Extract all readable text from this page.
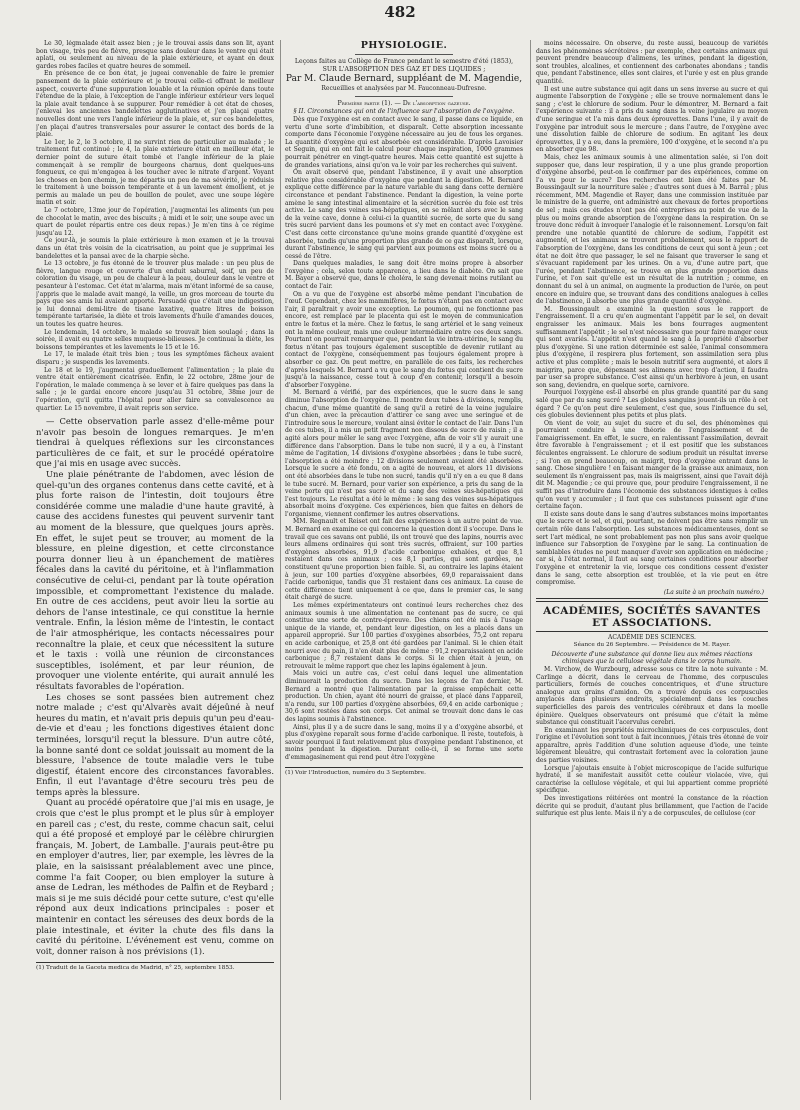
482

Le 30, légmalade était assez bien ; je le trouvai assis dans son lit, ayant bon visage, très peu de fièvre, presque sans douleur dans le ventre qui était aplati, ou seulement au niveau de la plaie extérieure, et ayant en deux gardes robes faciles et quatre heures de sommeil.

En présence de ce bon état, je jugeai convenable de faire le premier pansement de la plaie extérieure et je trouvai celle-ci offrant le meilleur aspect, couverte d'une suppuration louable et la réunion opérée dans toute l'étendue de la plaie, à l'exception de l'angle inférieur extérieur vers lequel la plaie avait tendance à se suppurer. Pour remédier à cet état de choses, j'enlevai les anciennes bandelettes agglutinatives et j'en plaçai quatre nouvelles dont une vers l'angle inférieur de la plaie, et, sur ces bandelettes, j'en plaçai d'autres transversales pour assurer le contact des bords de la plaie.

Le 1er, le 2, le 3 octobre, il ne survint rien de particulier au malade ; le traitement fut continué ; le 4, la plaie extérieure était en meilleur état, le dernier point de suture était tombé et l'angle inférieur de la plaie commençait à se remplir de bourgeons charnus, dont quelques-uns fongueux, ce qui m'engagea à les toucher avec le nitrate d'argent. Voyant les choses en bon chemin, je me départis un peu de ma sévérité, je réduisis le traitement à une boisson tempérante et à un lavement émollient, et je permis au malade un peu de bouillon de poulet, avec une soupe légère matin et soir.

Le 7 octobre, 13me jour de l'opération, j'augmentai les aliments (un peu de chocolat le matin, avec des biscuits ; à midi et le soir, une soupe avec un quart de poulet répartis entre ces deux repas.) Je m'en tins à ce régime jusqu'au 12.

Ce jour-là, je soumis la plaie extérieure à mon examen et je la trouvai dans un état très voisin de la cicatrisation, au point que je supprimai les bandelettes et la pansai avec de la charpie sèche.

Le 13 octobre, je fus étonné de le trouver plus malade : un peu plus de fièvre, langue rouge et couverte d'un enduit saburral, soif, un peu de coloration du visage, un peu de chaleur à la peau, douleur dans le ventre et pesanteur à l'estomac. Cet état m'alarma, mais m'étant informé de sa cause, j'appris que le malade avait mangé, la veille, un gros morceau de tourte du pays que ses amis lui avaient apporté. Persuadé que c'était une indigestion, je lui donnai demi-litre de tisane laxative, quatre litres de boisson tempérante tartarisée, la diète et trois lavements d'huile d'amandes douces, un toutes les quatre heures.

Le lendemain, 14 octobre, le malade se trouvait bien soulagé ; dans la soirée, il avait eu quatre selles muqueuso-bilieuses. Je continuai la diète, les boissons tempérantes et les lavements le 15 et le 16.

Le 17, le malade était très bien ; tous les symptômes fâcheux avaient disparu ; je suspendis les lavements.

Le 18 et le 19, j'augmentai graduellement l'alimentation ; la plaie du ventre était entièrement cicatrisée. Enfin, le 22 octobre, 28me jour de l'opération, le malade commença à se lever et à faire quelques pas dans la salle ; je le gardai encore encore jusqu'au 31 octobre, 38me jour de l'opération, qu'il quitta l'hôpital pour aller faire sa convalescence au quartier. Le 15 novembre, il avait repris son service.

— Cette observation parle assez d'elle-même pour n'avoir pas besoin de longues remarques. Je m'en tiendrai à quelques réflexions sur les circonstances particulières de ce fait, et sur le procédé opératoire que j'ai mis en usage avec succès.

Une plaie pénétrante de l'abdomen, avec lésion de quel-qu'un des organes contenus dans cette cavité, et à plus forte raison de l'intestin, doit toujours être considérée comme une maladie d'une haute gravité, à cause des accidens funestes qui peuvent survenir tant au moment de la blessure, que quelques jours après. En effet, le sujet peut se trouver, au moment de la blessure, en pleine digestion, et cette circonstance pourra donner lieu à un épanchement de matières fécales dans la cavité du péritoine, et à l'inflammation consécutive de celui-ci, pendant par là toute opération impossible, et compromettant l'existence du malade. En outre de ces accidens, peut avoir lieu la sortie au dehors de l'anse intestinale, ce qui constitue la hernie ventrale. Enfin, la lésion même de l'intestin, le contact de l'air atmosphérique, les contacts nécessaires pour reconnaître la plaie, et ceux que nécessitent la suture et le taxis : voilà une réunion de circonstances susceptibles, isolément, et par leur réunion, de provoquer une violente entérite, qui aurait annulé les résultats favorables de l'opération.

Les choses se sont passées bien autrement chez notre malade ; c'est qu'Alvarès avait déjeûné à neuf heures du matin, et n'avait pris depuis qu'un peu d'eau-de-vie et d'eau ; les fonctions digestives étaient donc terminées, lorsqu'il reçut la blessure. D'un autre côté, la bonne santé dont ce soldat jouissait au moment de la blessure, l'absence de toute maladie vers le tube digestif, étaient encore des circonstances favorables. Enfin, il eut l'avantage d'être secouru très peu de temps après la blessure.

Quant au procédé opératoire que j'ai mis en usage, je crois que c'est le plus prompt et le plus sûr à employer en pareil cas ; c'est, du reste, comme chacun sait, celui qui a été proposé et employé par le célèbre chirurgien français, M. Jobert, de Lamballe. J'aurais peut-être pu en employer d'autres, lier, par exemple, les lèvres de la plaie, en la saisissant préalablement avec une pince, comme l'a fait Cooper, ou bien employer la suture à anse de Ledran, les méthodes de Palfin et de Reybard ; mais si je me suis décidé pour cette suture, c'est qu'elle répond aux deux indications principales : poser et maintenir en contact les séreuses des deux bords de la plaie intestinale, et éviter la chute des fils dans la cavité du péritoine. L'événement est venu, comme on voit, donner raison à nos prévisions (1).

(1) Traduit de la Gaceta medica de Madrid, n° 25, septembre 1853.

PHYSIOLOGIE.

Leçons faites au Collège de France pendant le semestre d'été (1853),

SUR L'ABSORPTION DES GAZ ET DES LIQUIDES ;

Par M. Claude Bernard, suppléant de M. Magendie,

Recueillies et analysées par M. Fauconneau-Dufresne.

Première partie (1). — De l'absorption gazeuse.

§ II. Circonstances qui ont de l'influence sur l'absorption de l'oxygène.

Dès que l'oxygène est en contact avec le sang, il passe dans ce liquide, en vertu d'une sorte d'imbibition, et disparaît. Cette absorption incessante comporte dans l'économie l'oxygène nécessaire au jeu de tous les organes. La quantité d'oxygène qui est absorbée est considérable. D'après Lavoisier et Seguin, qui en ont fait le calcul pour chaque inspiration, 1000 grammes pourrait pénétrer en vingt-quatre heures. Mais cette quantité est sujette à de grandes variations, ainsi qu'on va le voir par les recherches qui suivent.

On avait observé que, pendant l'abstinence, il y avait une absorption relative plus considérable d'oxygène que pendant la digestion. M. Bernard explique cette différence par la nature variable du sang dans cette dernière circonstance et pendant l'abstinence. Pendant la digestion, la veine porte amène le sang intestinal alimentaire et la sécrétion sucrée du foie est très active. Le sang des veines sus-hépatiques, en se mêlant alors avec le sang de la veine cave, donne à celui-ci la quantité sucrée, de sorte que du sang très sucré parvient dans les poumons et s'y met en contact avec l'oxygène. C'est dans cette circonstance qu'une moins grande quantité d'oxygène est absorbée, tandis qu'une proportion plus grande de ce gaz disparaît, lorsque, durant l'abstinence, le sang qui parvient aux poumons est moins sucré ou a cessé de l'être.

Dans quelques maladies, le sang doit être moins propre à absorber l'oxygène ; cela, selon toute apparence, a lieu dans le diabète. On sait que M. Bayer a observé que, dans le choléra, le sang devenait moins rutilant au contact de l'air.

On a vu que de l'oxygène est absorbé même pendant l'incubation de l'œuf. Cependant, chez les mammifères, le fœtus n'étant pas en contact avec l'air, il paraîtrait y avoir une exception. Le poumon, qui ne fonctionne pas encore, est remplacé par le placenta qui est le moyen de communication entre le fœtus et la mère. Chez le fœtus, le sang artériel et le sang veineux ont la même couleur, mais une couleur intermédiaire entre ces deux sangs. Pourtant on pourrait remarquer que, pendant la vie intra-utérine, le sang du fœtus n'étant pas toujours également susceptible de devenir rutilant au contact de l'oxygène, conséquemment pas toujours également propre à absorber ce gaz. On peut mettre, en parallèle de ces faits, les recherches d'après lesquels M. Bernard a vu que le sang du fœtus qui contient du sucre jusqu'à la naissance, cesse tout à coup d'en contenir, lorsqu'il a besoin d'absorber l'oxygène.

M. Bernard a vérifié, par des expériences, que le sucre dans le sang diminue l'absorption de l'oxygène. Il montre deux tubes à divisions, remplis, chacun, d'une même quantité de sang qu'il a retiré de la veine jugulaire d'un chien, avec la précaution d'attirer ce sang avec une seringue et de l'introduire sous le mercure, voulant ainsi éviter le contact de l'air. Dans l'un de ces tubes, il a mis un petit fragment non dissous de sucre de raisin ; il a agité alors pour mêler le sang avec l'oxygène, afin de voir s'il y aurait une différence dans l'absorption. Dans le tube non sucré, il y a eu, à l'instant même de l'agitation, 14 divisions d'oxygène absorbées ; dans le tube sucré, l'absorption a été moindre ; 12 divisions seulement avaient été absorbées. Lorsque le sucre a été fondu, on a agité de nouveau, et alors 11 divisions ont été absorbées dans le tube non sucré, tandis qu'il n'y en a eu que 8 dans le tube sucré. M. Bernard, pour varier son expérience, a pris du sang de la veine porte qui n'est pas sucré et du sang des veines sus-hépatiques qui l'est toujours. Le résultat a été le même : le sang des veines sus-hépatiques absorbait moins d'oxygène. Ces expériences, bien que faites en dehors de l'organisme, viennent confirmer les autres observations.

MM. Regnault et Reiset ont fait des expériences à un autre point de vue. M. Bernard en examine ce qui concerne la question dont il s'occupe. Dans le travail que ces savans ont publié, ils ont trouvé que des lapins, nourris avec leurs alimens ordinaires qui sont très sucrés, offraient, sur 100 parties d'oxygènes absorbées, 91,9 d'acide carbonique exhalées, et que 8,1 restaient dans ces animaux ; ces 8,1 parties, qui sont gardées, ne constituent qu'une proportion bien faible. Si, au contraire les lapins étaient à jeun, sur 100 parties d'oxygène absorbées, 69,0 reparaissaient dans l'acide carbonique, tandis que 31 restaient dans ces animaux. La cause de cette différence tient uniquement à ce que, dans le premier cas, le sang était chargé de sucre.

Les mêmes expérimentateurs ont continué leurs recherches chez des animaux soumis à une alimentation ne contenant pas de sucre, ce qui constitue une sorte de contre-épreuve. Des chiens ont été mis à l'usage unique de la viande, et, pendant leur digestion, on les a placés dans un appareil approprié. Sur 100 parties d'oxygènes absorbées, 75,2 ont reparu en acide carbonique, et 25,8 ont été gardées par l'animal. Si le chien était nourri avec du pain, il n'en était plus de même : 91,2 reparaissaient en acide carbonique ; 8,7 restaient dans le corps. Si le chien était à jeun, on retrouvait le même rapport que chez les lapins également à jeun.

Mais voici un autre cas, c'est celui dans lequel une alimentation diminuerait la production du sucre. Dans les leçons de l'an dernier, M. Bernard a montré que l'alimentation par la graisse empêchait cette production. Un chien, ayant été nourri de graisse, et placé dans l'appareil, n'a rendu, sur 100 parties d'oxygène absorbées, 69,4 en acide carbonique ; 30,6 sont restées dans son corps. Cet animal se trouvait donc dans le cas des lapins soumis à l'abstinence.

Ainsi, plus il y a de sucre dans le sang, moins il y a d'oxygène absorbé, et plus d'oxygène reparaît sous forme d'acide carbonique. Il reste, toutefois, à savoir pourquoi il faut relativement plus d'oxygène pendant l'abstinence, et moins pendant la digestion. Durant celle-ci, il se forme une sorte d'emmagasinement qui rend peut être l'oxygène

(1) Voir l'Introduction, numéro du 3 Septembre.

moins nécessaire. On observe, du reste aussi, beaucoup de variétés dans les phénomènes sécrétoires : par exemple, chez certains animaux qui peuvent prendre beaucoup d'alimens, les urines, pendant la digestion, sont troubles, alcalines, et contiennent des carbonates abondans ; tandis que, pendant l'abstinence, elles sont claires, et l'urée y est en plus grande quantité.

Il est une autre substance qui agit dans un sens inverse au sucre et qui augmente l'absorption de l'oxygène ; elle se trouve normalement dans le sang ; c'est le chlorure de sodium. Pour le démontrer, M. Bernard a fait l'expérience suivante : il a pris du sang dans la veine jugulaire au moyen d'une seringue et l'a mis dans deux éprouvettes. Dans l'une, il y avait de l'oxygène par introduit sous le mercure ; dans l'autre, de l'oxygène avec une dissolution faible de chlorure de sodium. En agitant les deux éprouvettes, il y a eu, dans la première, 100 d'oxygène, et le second n'a pu en absorber que 98.

Mais, chez les animaux soumis à une alimentation salée, si l'on doit supposer que, dans leur respiration, il y a une plus grande proportion d'oxygène absorbé, peut-on le confirmer par des expériences, comme on l'a vu pour le sucre? Des recherches ont bien été faites par M. Boussingault sur la nourriture salée ; d'autres sont dues à M. Barral ; plus récemment, MM. Magendie et Rayer, dans une commission instituée par le ministre de la guerre, ont administré aux chevaux de fortes proportions de sel ; mais ces études n'ont pas été entreprises au point de vue de la plus ou moins grande absorption de l'oxygène dans la respiration. On se trouve donc réduit à invoquer l'analogie et le raisonnement. Lorsqu'on fait prendre une notable quantité de chlorure de sodium, l'appétit est augmenté, et les animaux se trouvent probablement, sous le rapport de l'absorption de l'oxygène, dans les conditions de ceux qui sont à jeun ; cet état ne doit être que passager, le sel ne faisant que traverser le sang et s'évacuant rapidement par les urines. On a vu, d'une autre part, que l'urée, pendant l'abstinence, se trouve en plus grande proportion dans l'urine, et l'on sait qu'elle est un résultat de la nutrition ; comme, en donnant du sel à un animal, on augmente la production de l'urée, on peut encore en induire que, se trouvant dans des conditions analogues à celles de l'abstinence, il absorbe une plus grande quantité d'oxygène.

M. Boussingault a examiné la question sous le rapport de l'engraissement. Il a cru qu'en augmentant l'appétit par le sel, on devait engraisser les animaux. Mais les bons fourrages augmentent suffisamment l'appétit ; le sel n'est nécessaire que pour faire manger ceux qui sont avariés. L'appétit n'est quand le sang à la propriété d'absorber plus d'oxygène. Si une ration déterminée est salée, l'animal consommera plus d'oxygène, il respirera plus fortement, son assimilation sera plus active et plus complète ; mais le besoin nutritif sera augmenté, et alors il maigrira, parce que, dépensant ses alimens avec trop d'action, il faudra par user sa propre substance. C'est ainsi qu'un herbivore à jeun, en usant son sang, deviendra, en quelque sorte, carnivore.

Pourquoi l'oxygène est-il absorbé en plus grande quantité par du sang salé que par du sang sucré ? Les globules sanguins jouent-ils un rôle à cet égard ? Ce qu'on peut dire seulement, c'est que, sous l'influence du sel, ces globules deviennent plus petits et plus plats.

On vient de voir, au sujet du sucre et du sel, des phénomènes qui pourraient conduire à une théorie de l'engraissement et de l'amaigrissement. En effet, le sucre, en ralentissant l'assimilation, devrait être favorable à l'engraissement ; et il est positif que les substances féculentes engraissent. Le chlorure de sodium produit un résultat inverse ; si l'on en prend beaucoup, on maigrit, trop d'oxygène entrant dans le sang. Chose singulière ! en faisant manger de la graisse aux animaux, non seulement ils n'engraissent pas, mais ils maigrissent, ainsi que l'avait déjà dit M. Magendie ; ce qui prouve que, pour produire l'engraissement, il ne suffit pas d'introduire dans l'économie des substances identiques à celles qu'on veut y accumuler ; il faut que ces substances puissent agir d'une certaine façon.

Il existe sans doute dans le sang d'autres substances moins importantes que le sucre et le sel, et qui, pourtant, ne doivent pas être sans remplir un certain rôle dans l'absorption. Les substances médicamenteuses, dont se sert l'art médical, ne sont probablement pas non plus sans avoir quelque influence sur l'absorption de l'oxygène par le sang. La continuation de semblables études ne peut manquer d'avoir son application en médecine ; car si, à l'état normal, il faut au sang certaines conditions pour absorber l'oxygène et entretenir la vie, lorsque ces conditions cessent d'exister dans le sang, cette absorption est troublée, et la vie peut en être compromise.

(La suite à un prochain numéro.)

ACADÉMIES, SOCIÉTÉS SAVANTES ET ASSOCIATIONS.

ACADÉMIE DES SCIENCES.

Séance du 26 Septembre. — Présidence de M. Rayer.

Découverte d'une substance qui donne lieu aux mêmes réactions chimiques que la cellulose végétale dans le corps humain.

M. Virchow, de Wurzbourg, adresse sous ce titre la note suivante : M. Carlinge a décrit, dans le cerveau de l'homme, des corpuscules particuliers, formés de couches concentriques, et d'une structure analogue aux grains d'amidon. On a trouvé depuis ces corpuscules amylacés dans plusieurs endroits, spécialement dans les couches superficielles des parois des ventricules cérébraux et dans la moelle épinière. Quelques observateurs ont présumé que c'était la même substance qui constituait l'acervulus cerebri.

En examinant les propriétés microchimiques de ces corpuscules, dont l'origine et l'évolution sont tout à fait inconnues, j'étais très étonné de voir apparaître, après l'addition d'une solution aqueuse d'iode, une teinte légèrement bleuâtre, qui contrastait fortement avec la coloration jaune des parties voisines.

Lorsque j'ajoutais ensuite à l'objet microscopique de l'acide sulfurique hydraté, il se manifestait aussitôt cette couleur violacée, vive, qui caractérise la cellulose végétale, et qui lui appartient comme propriété spécifique.

Des investigations réitérées ont montré la constance de la réaction décrite qui se produit, d'autant plus brillamment, que l'action de l'acide sulfurique est plus lente. Mais il n'y a de corpuscules, de cellulose (cor
